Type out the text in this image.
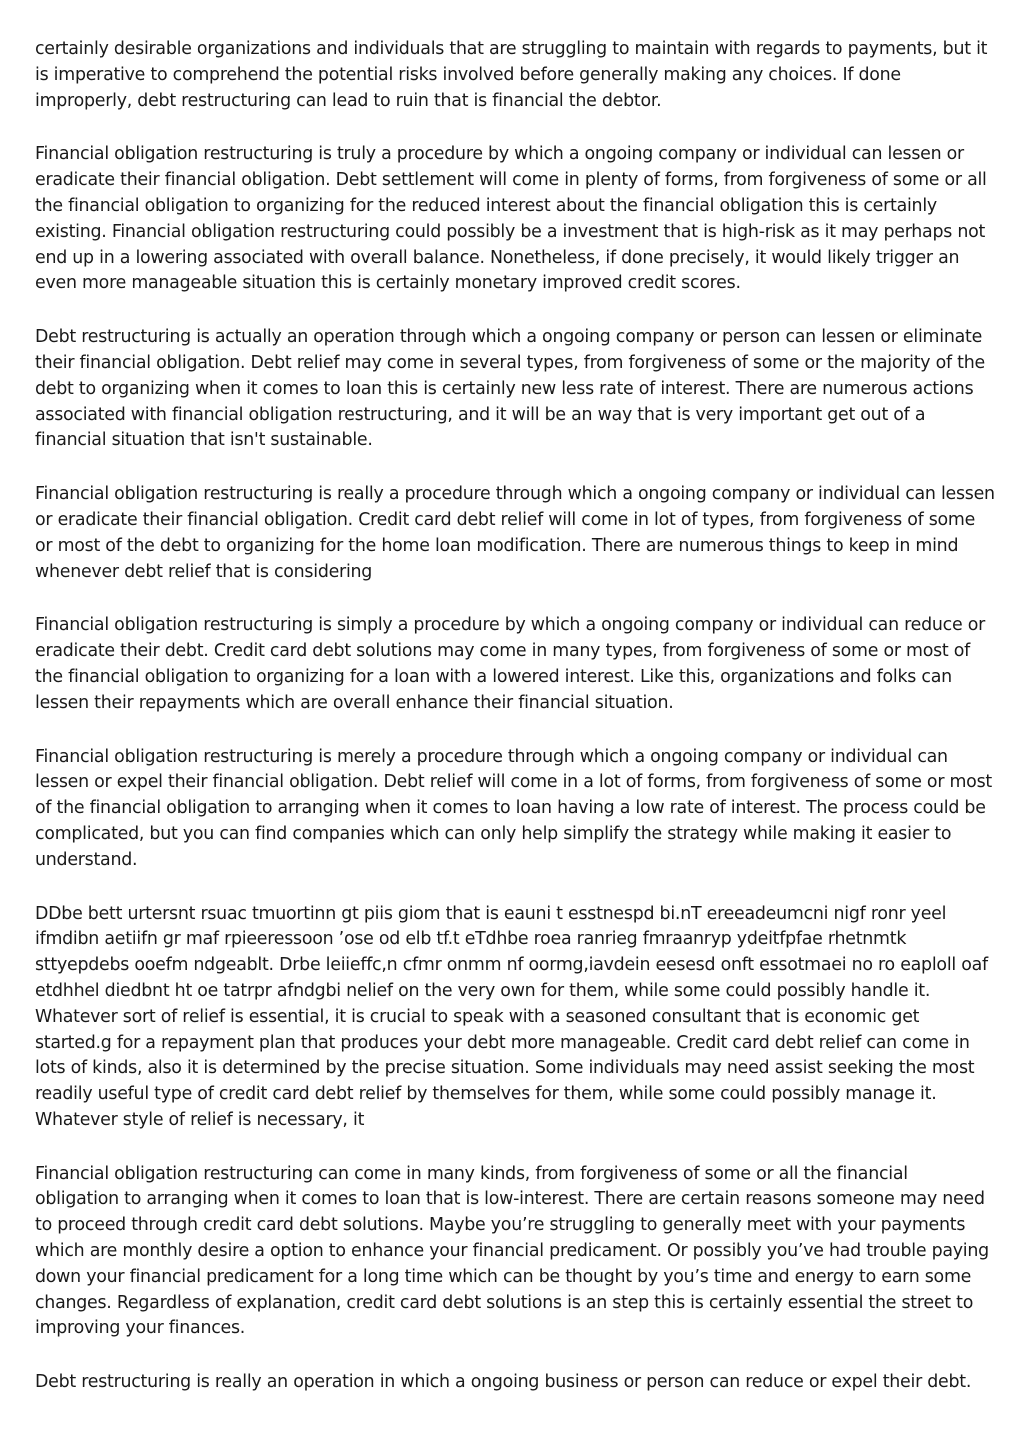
certainly desirable organizations and individuals that are struggling to maintain with regards to payments, but it is imperative to comprehend the potential risks involved before generally making any choices. If done improperly, debt restructuring can lead to ruin that is financial the debtor.

Financial obligation restructuring is truly a procedure by which a ongoing company or individual can lessen or eradicate their financial obligation. Debt settlement will come in plenty of forms, from forgiveness of some or all the financial obligation to organizing for the reduced interest about the financial obligation this is certainly existing. Financial obligation restructuring could possibly be a investment that is high-risk as it may perhaps not end up in a lowering associated with overall balance. Nonetheless, if done precisely, it would likely trigger an even more manageable situation this is certainly monetary improved credit scores.

Debt restructuring is actually an operation through which a ongoing company or person can lessen or eliminate their financial obligation. Debt relief may come in several types, from forgiveness of some or the majority of the debt to organizing when it comes to loan this is certainly new less rate of interest. There are numerous actions associated with financial obligation restructuring, and it will be an way that is very important get out of a financial situation that isn't sustainable.

Financial obligation restructuring is really a procedure through which a ongoing company or individual can lessen or eradicate their financial obligation. Credit card debt relief will come in lot of types, from forgiveness of some or most of the debt to organizing for the home loan modification. There are numerous things to keep in mind whenever debt relief that is considering

Financial obligation restructuring is simply a procedure by which a ongoing company or individual can reduce or eradicate their debt. Credit card debt solutions may come in many types, from forgiveness of some or most of the financial obligation to organizing for a loan with a lowered interest. Like this, organizations and folks can lessen their repayments which are overall enhance their financial situation.

Financial obligation restructuring is merely a procedure through which a ongoing company or individual can lessen or expel their financial obligation. Debt relief will come in a lot of forms, from forgiveness of some or most of the financial obligation to arranging when it comes to loan having a low rate of interest. The process could be complicated, but you can find companies which can only help simplify the strategy while making it easier to understand.

DDbe bett urtersnt rsuac tmuortinn gt piis giom that is eauni t esstnespd bi.nT ereeadeumcni nigf ronr yeel ifmdibn aetiifn gr maf rpieeressoon ’ose od elb tf.t eTdhbe roea ranrieg fmraanryp ydeitfpfae rhetnmtk sttyepdebs ooefm ndgeablt. Drbe leiieffc,n cfmr onmm nf oormg,iavdein eesesd onft essotmaei no ro eaploll oaf etdhhel diedbnt ht oe tatrpr afndgbi nelief on the very own for them, while some could possibly handle it. Whatever sort of relief is essential, it is crucial to speak with a seasoned consultant that is economic get started.g for a repayment plan that produces your debt more manageable. Credit card debt relief can come in lots of kinds, also it is determined by the precise situation. Some individuals may need assist seeking the most readily useful type of credit card debt relief by themselves for them, while some could possibly manage it. Whatever style of relief is necessary, it

Financial obligation restructuring can come in many kinds, from forgiveness of some or all the financial obligation to arranging when it comes to loan that is low-interest. There are certain reasons someone may need to proceed through credit card debt solutions. Maybe you’re struggling to generally meet with your payments which are monthly desire a option to enhance your financial predicament. Or possibly you’ve had trouble paying down your financial predicament for a long time which can be thought by you’s time and energy to earn some changes. Regardless of explanation, credit card debt solutions is an step this is certainly essential the street to improving your finances.

Debt restructuring is really an operation in which a ongoing business or person can reduce or expel their debt.
